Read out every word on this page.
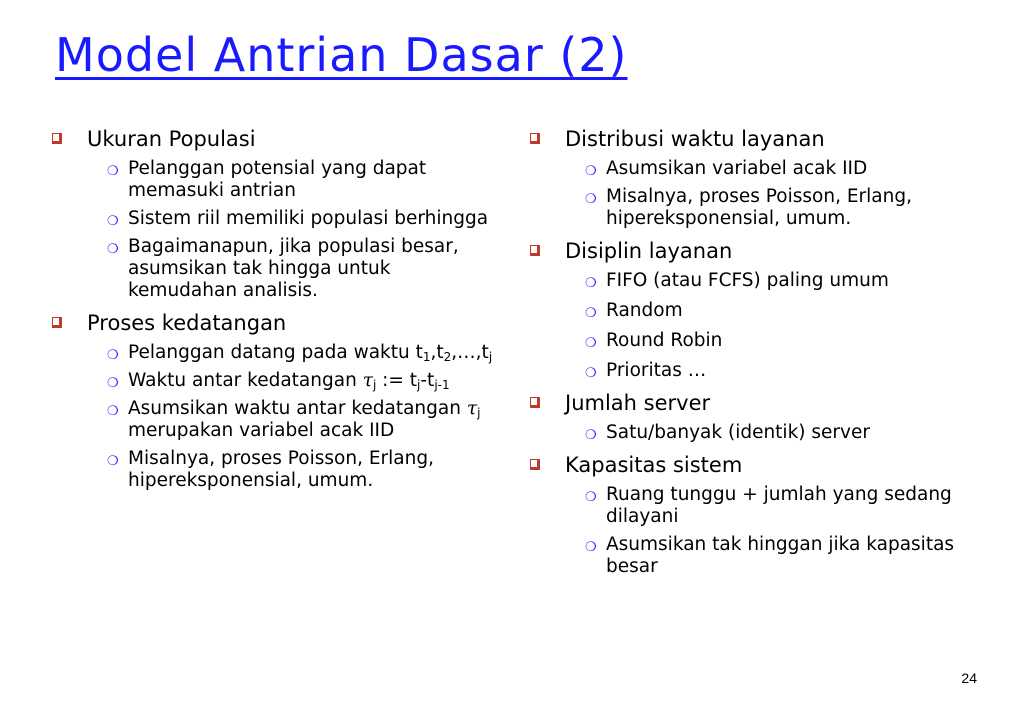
Model Antrian Dasar (2)
Ukuran Populasi
❍ Pelanggan potensial yang dapat memasuki antrian
❍ Sistem riil memiliki populasi berhingga
❍ Bagaimanapun, jika populasi besar, asumsikan tak hingga untuk kemudahan analisis.
Proses kedatangan
❍ Pelanggan datang pada waktu $t_1,t_2,\dots,t_j$
❍ Waktu antar kedatangan $\tau_j$ := $t_j-t_{j-1}$
❍ Asumsikan waktu antar kedatangan $\tau_j$ merupakan variabel acak IID
❍ Misalnya, proses Poisson, Erlang, hipereksponensial, umum.
Distribusi waktu layanan
❍ Asumsikan variabel acak IID
❍ Misalnya, proses Poisson, Erlang, hipereksponensial, umum.
Disiplin layanan
❍ FIFO (atau FCFS) paling umum
❍ Random
❍ Round Robin
❍ Prioritas …
Jumlah server
❍ Satu/banyak (identik) server
Kapasitas sistem
❍ Ruang tunggu + jumlah yang sedang dilayani
❍ Asumsikan tak hinggan jika kapasitas besar
24
